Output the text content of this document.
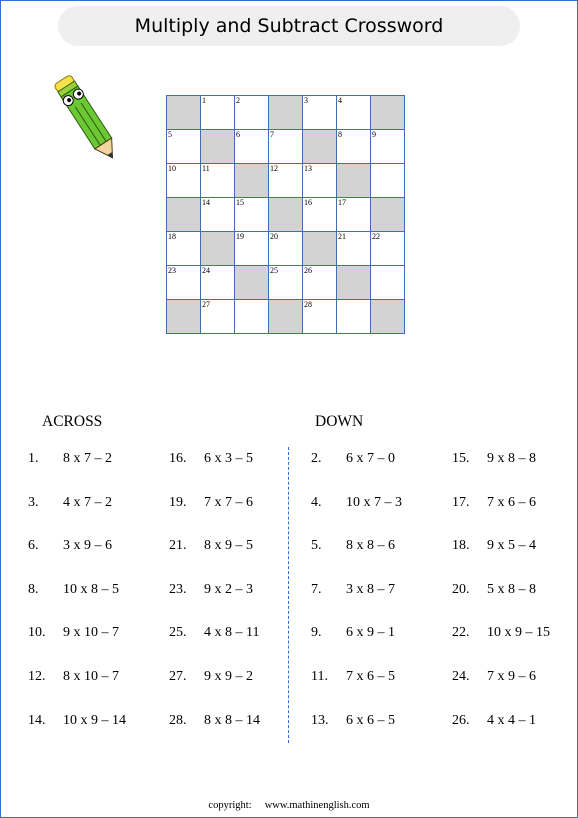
Multiply and Subtract Crossword

	1	2		3	4	

5		6	7		8	9

10	11		12	13		

	14	15		16	17	

18		19	20		21	22

23	24		25	26		

	27			28		

ACROSS	DOWN
1. 8 x 7 – 2
3. 4 x 7 – 2
6. 3 x 9 – 6
8. 10 x 8 – 5
10. 9 x 10 – 7
12. 8 x 10 – 7
14. 10 x 9 – 14
16. 6 x 3 – 5
19. 7 x 7 – 6
21. 8 x 9 – 5
23. 9 x 2 – 3
25. 4 x 8 – 11
27. 9 x 9 – 2
28. 8 x 8 – 14
2. 6 x 7 – 0
4. 10 x 7 – 3
5. 8 x 8 – 6
7. 3 x 8 – 7
9. 6 x 9 – 1
11. 7 x 6 – 5
13. 6 x 6 – 5
15. 9 x 8 – 8
17. 7 x 6 – 6
18. 9 x 5 – 4
20. 5 x 8 – 8
22. 10 x 9 – 15
24. 7 x 9 – 6
26. 4 x 4 – 1
copyright: www.mathinenglish.com
